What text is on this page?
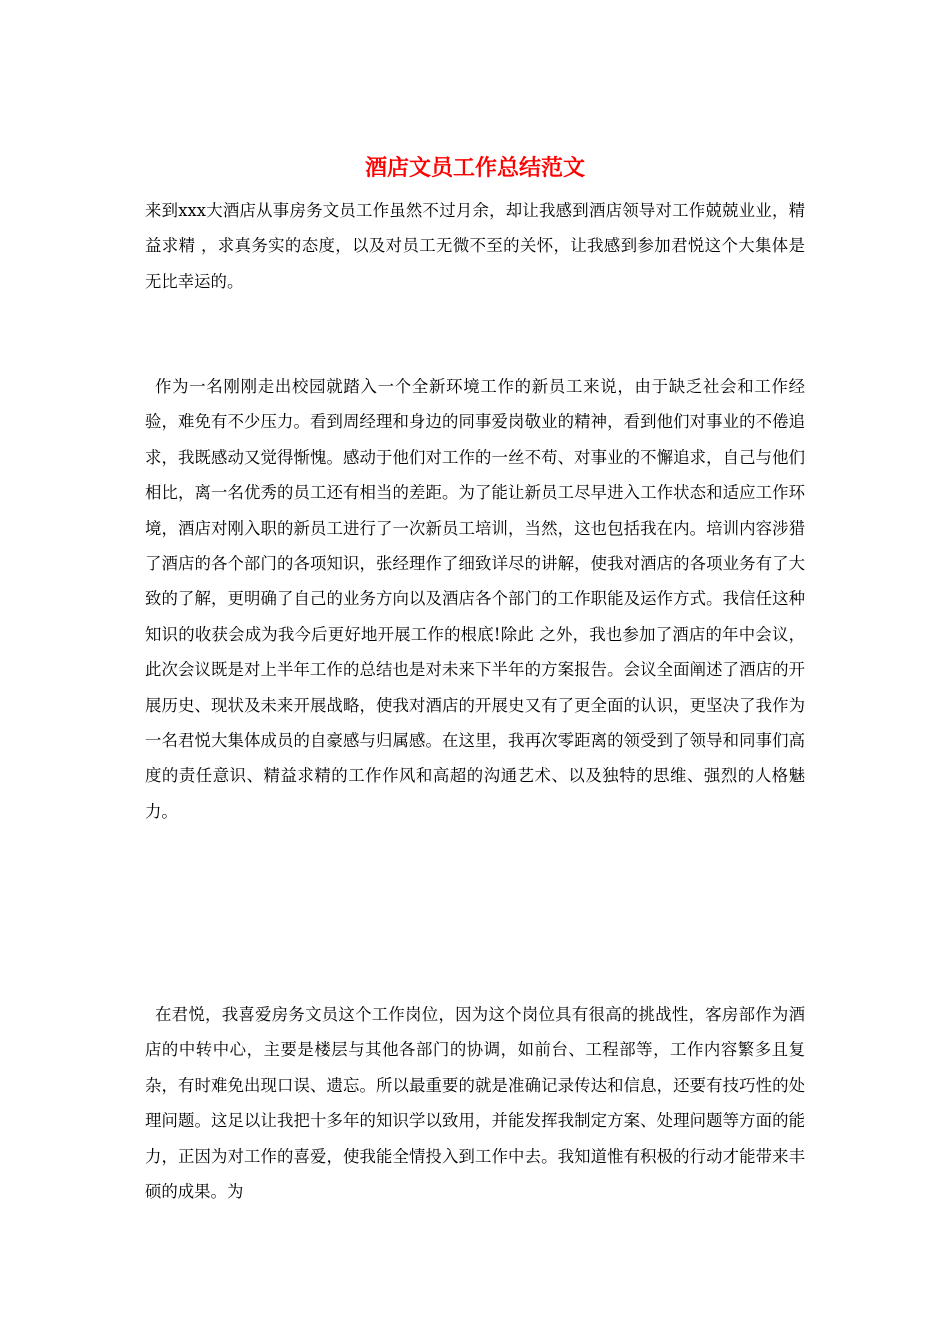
酒店文员工作总结范文

来到xxx大酒店从事房务文员工作虽然不过月余，却让我感到酒店领导对工作兢兢业业，精益求精 ，求真务实的态度，以及对员工无微不至的关怀，让我感到参加君悦这个大集体是无比幸运的。

作为一名刚刚走出校园就踏入一个全新环境工作的新员工来说，由于缺乏社会和工作经验，难免有不少压力。看到周经理和身边的同事爱岗敬业的精神，看到他们对事业的不倦追求，我既感动又觉得惭愧。感动于他们对工作的一丝不苟、对事业的不懈追求，自己与他们相比，离一名优秀的员工还有相当的差距。为了能让新员工尽早进入工作状态和适应工作环境，酒店对刚入职的新员工进行了一次新员工培训，当然，这也包括我在内。培训内容涉猎了酒店的各个部门的各项知识，张经理作了细致详尽的讲解，使我对酒店的各项业务有了大致的了解，更明确了自己的业务方向以及酒店各个部门的工作职能及运作方式。我信任这种知识的收获会成为我今后更好地开展工作的根底!除此 之外，我也参加了酒店的年中会议，此次会议既是对上半年工作的总结也是对未来下半年的方案报告。会议全面阐述了酒店的开展历史、现状及未来开展战略，使我对酒店的开展史又有了更全面的认识，更坚决了我作为一名君悦大集体成员的自豪感与归属感。在这里，我再次零距离的领受到了领导和同事们高度的责任意识、精益求精的工作作风和高超的沟通艺术、以及独特的思维、强烈的人格魅力。

在君悦，我喜爱房务文员这个工作岗位，因为这个岗位具有很高的挑战性，客房部作为酒店的中转中心，主要是楼层与其他各部门的协调，如前台、工程部等，工作内容繁多且复杂，有时难免出现口误、遗忘。所以最重要的就是准确记录传达和信息，还要有技巧性的处理问题。这足以让我把十多年的知识学以致用，并能发挥我制定方案、处理问题等方面的能力，正因为对工作的喜爱，使我能全情投入到工作中去。我知道惟有积极的行动才能带来丰硕的成果。为
